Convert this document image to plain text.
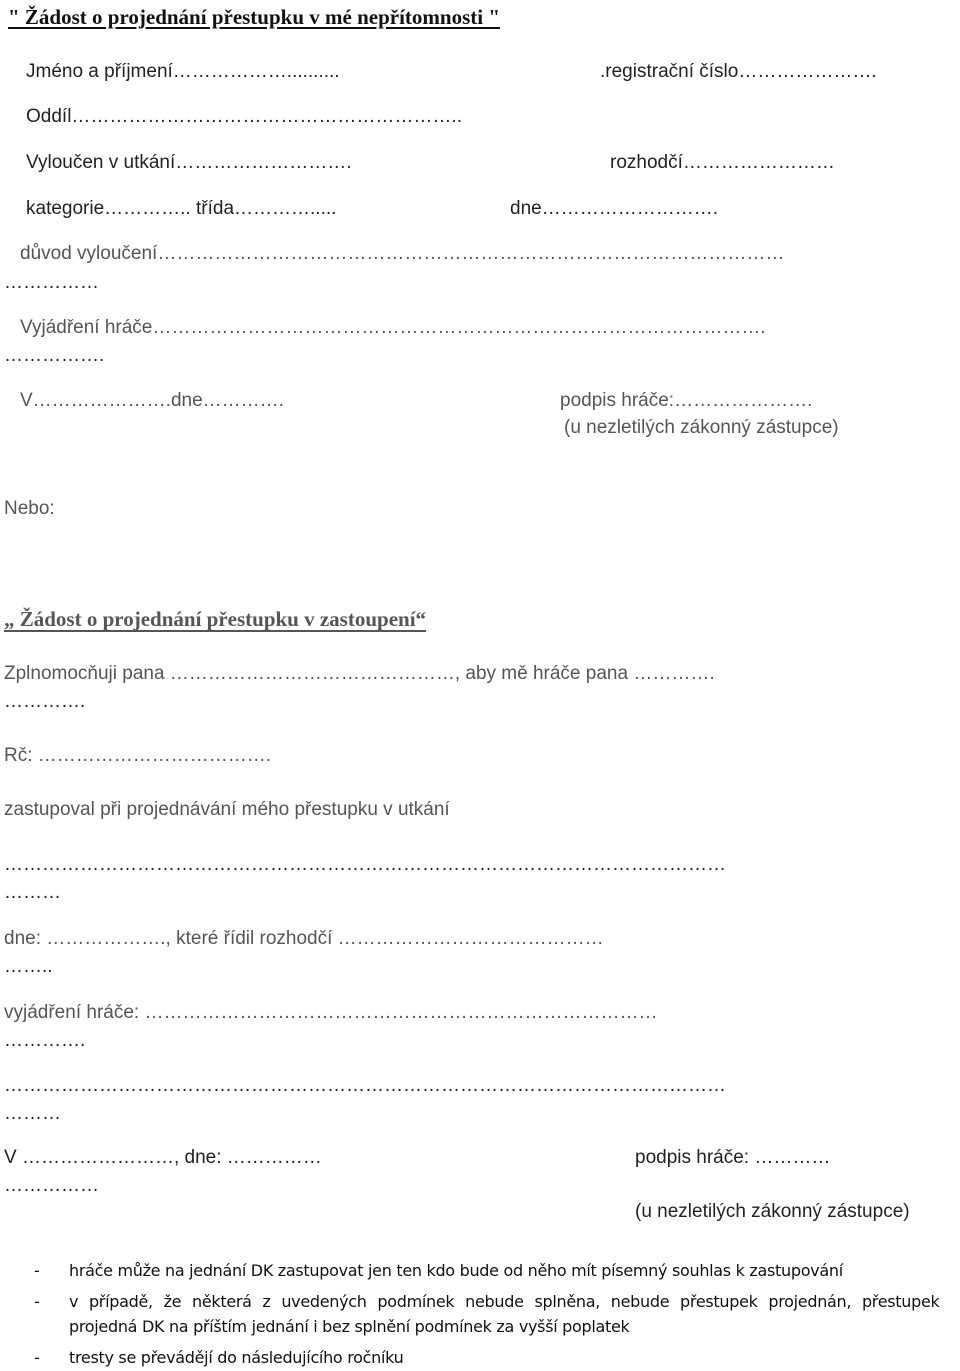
" Žádost o projednání přestupku v mé nepřítomnosti "
Jméno a příjmení………………..........	.registrační číslo………………….
Oddíl……………………………………………………..
Vyloučen v utkání……………………….	rozhodčí……………………
kategorie………….. třída………….....	dne……………………….
důvod vyloučení………………………………………………………………………………………
……………
Vyjádření hráče…………………………………………………………………………………….
…………….
V………………….dne………….	podpis hráče:………………….
(u nezletilých zákonný zástupce)
Nebo:
„ Žádost o projednání přestupku v zastoupení“
Zplnomocňuji pana ………………………………………, aby mě hráče pana ………….
………….
Rč: ……………………………….
zastupoval při projednávání mého přestupku v utkání
……………………………………………………………………………………………………
………
dne: ………………., které řídil rozhodčí ……………………………………
……..
vyjádření hráče: ………………………………………………………………………
………….
……………………………………………………………………………………………………
………
V ……………………, dne: ……………	podpis hráče: …………
……………
(u nezletilých zákonný zástupce)
- hráče může na jednání DK zastupovat jen ten kdo bude od něho mít písemný souhlas k zastupování
- v případě, že některá z uvedených podmínek nebude splněna, nebude přestupek projednán, přestupek
projedná DK na příštím jednání i bez splnění podmínek za vyšší poplatek
- tresty se převádějí do následujícího ročníku
